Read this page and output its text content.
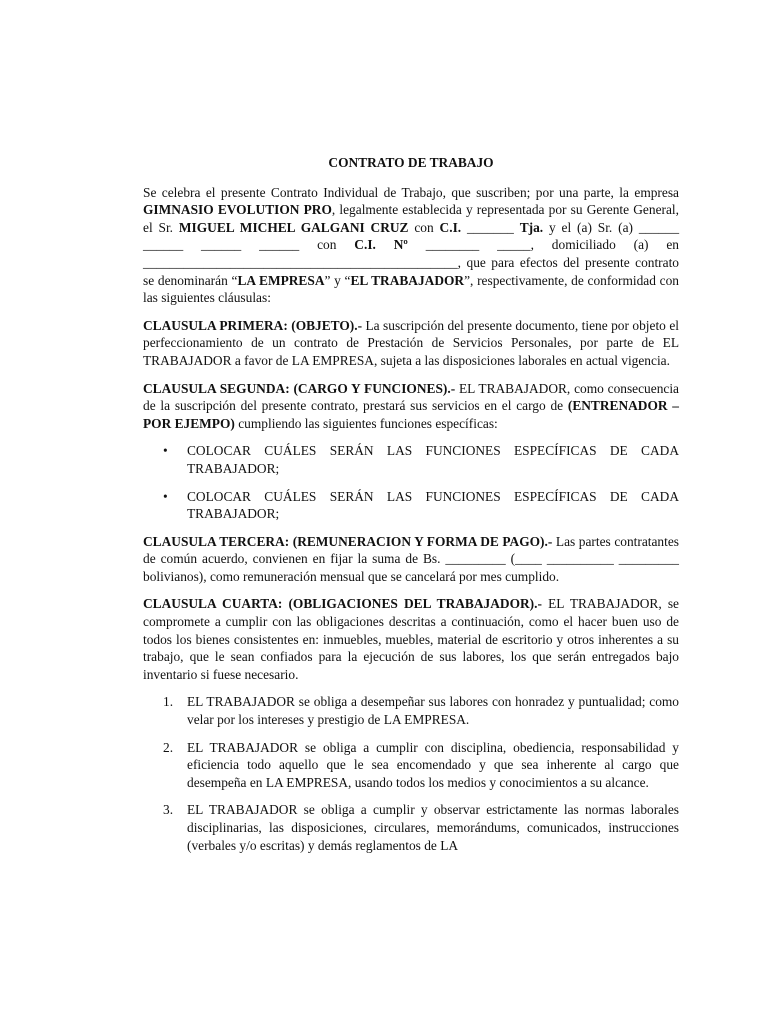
CONTRATO DE TRABAJO

Se celebra el presente Contrato Individual de Trabajo, que suscriben; por una parte, la empresa GIMNASIO EVOLUTION PRO, legalmente establecida y representada por su Gerente General, el Sr. MIGUEL MICHEL GALGANI CRUZ con C.I. _______ Tja. y el (a) Sr. (a) ______ ______ ______ ______ con C.I. Nº ________ _____, domiciliado (a) en _______________________________________________, que para efectos del presente contrato se denominarán “LA EMPRESA” y “EL TRABAJADOR”, respectivamente, de conformidad con las siguientes cláusulas:

CLAUSULA PRIMERA: (OBJETO).- La suscripción del presente documento, tiene por objeto el perfeccionamiento de un contrato de Prestación de Servicios Personales, por parte de EL TRABAJADOR a favor de LA EMPRESA, sujeta a las disposiciones laborales en actual vigencia.

CLAUSULA SEGUNDA: (CARGO Y FUNCIONES).- EL TRABAJADOR, como consecuencia de la suscripción del presente contrato, prestará sus servicios en el cargo de (ENTRENADOR – POR EJEMPO) cumpliendo las siguientes funciones específicas:

• COLOCAR CUÁLES SERÁN LAS FUNCIONES ESPECÍFICAS DE CADA TRABAJADOR;
• COLOCAR CUÁLES SERÁN LAS FUNCIONES ESPECÍFICAS DE CADA TRABAJADOR;

CLAUSULA TERCERA: (REMUNERACION Y FORMA DE PAGO).- Las partes contratantes de común acuerdo, convienen en fijar la suma de Bs. _________ (____ __________ _________ bolivianos), como remuneración mensual que se cancelará por mes cumplido.

CLAUSULA CUARTA: (OBLIGACIONES DEL TRABAJADOR).- EL TRABAJADOR, se compromete a cumplir con las obligaciones descritas a continuación, como el hacer buen uso de todos los bienes consistentes en: inmuebles, muebles, material de escritorio y otros inherentes a su trabajo, que le sean confiados para la ejecución de sus labores, los que serán entregados bajo inventario si fuese necesario.

1. EL TRABAJADOR se obliga a desempeñar sus labores con honradez y puntualidad; como velar por los intereses y prestigio de LA EMPRESA.
2. EL TRABAJADOR se obliga a cumplir con disciplina, obediencia, responsabilidad y eficiencia todo aquello que le sea encomendado y que sea inherente al cargo que desempeña en LA EMPRESA, usando todos los medios y conocimientos a su alcance.
3. EL TRABAJADOR se obliga a cumplir y observar estrictamente las normas laborales disciplinarias, las disposiciones, circulares, memorándums, comunicados, instrucciones (verbales y/o escritas) y demás reglamentos de LA
